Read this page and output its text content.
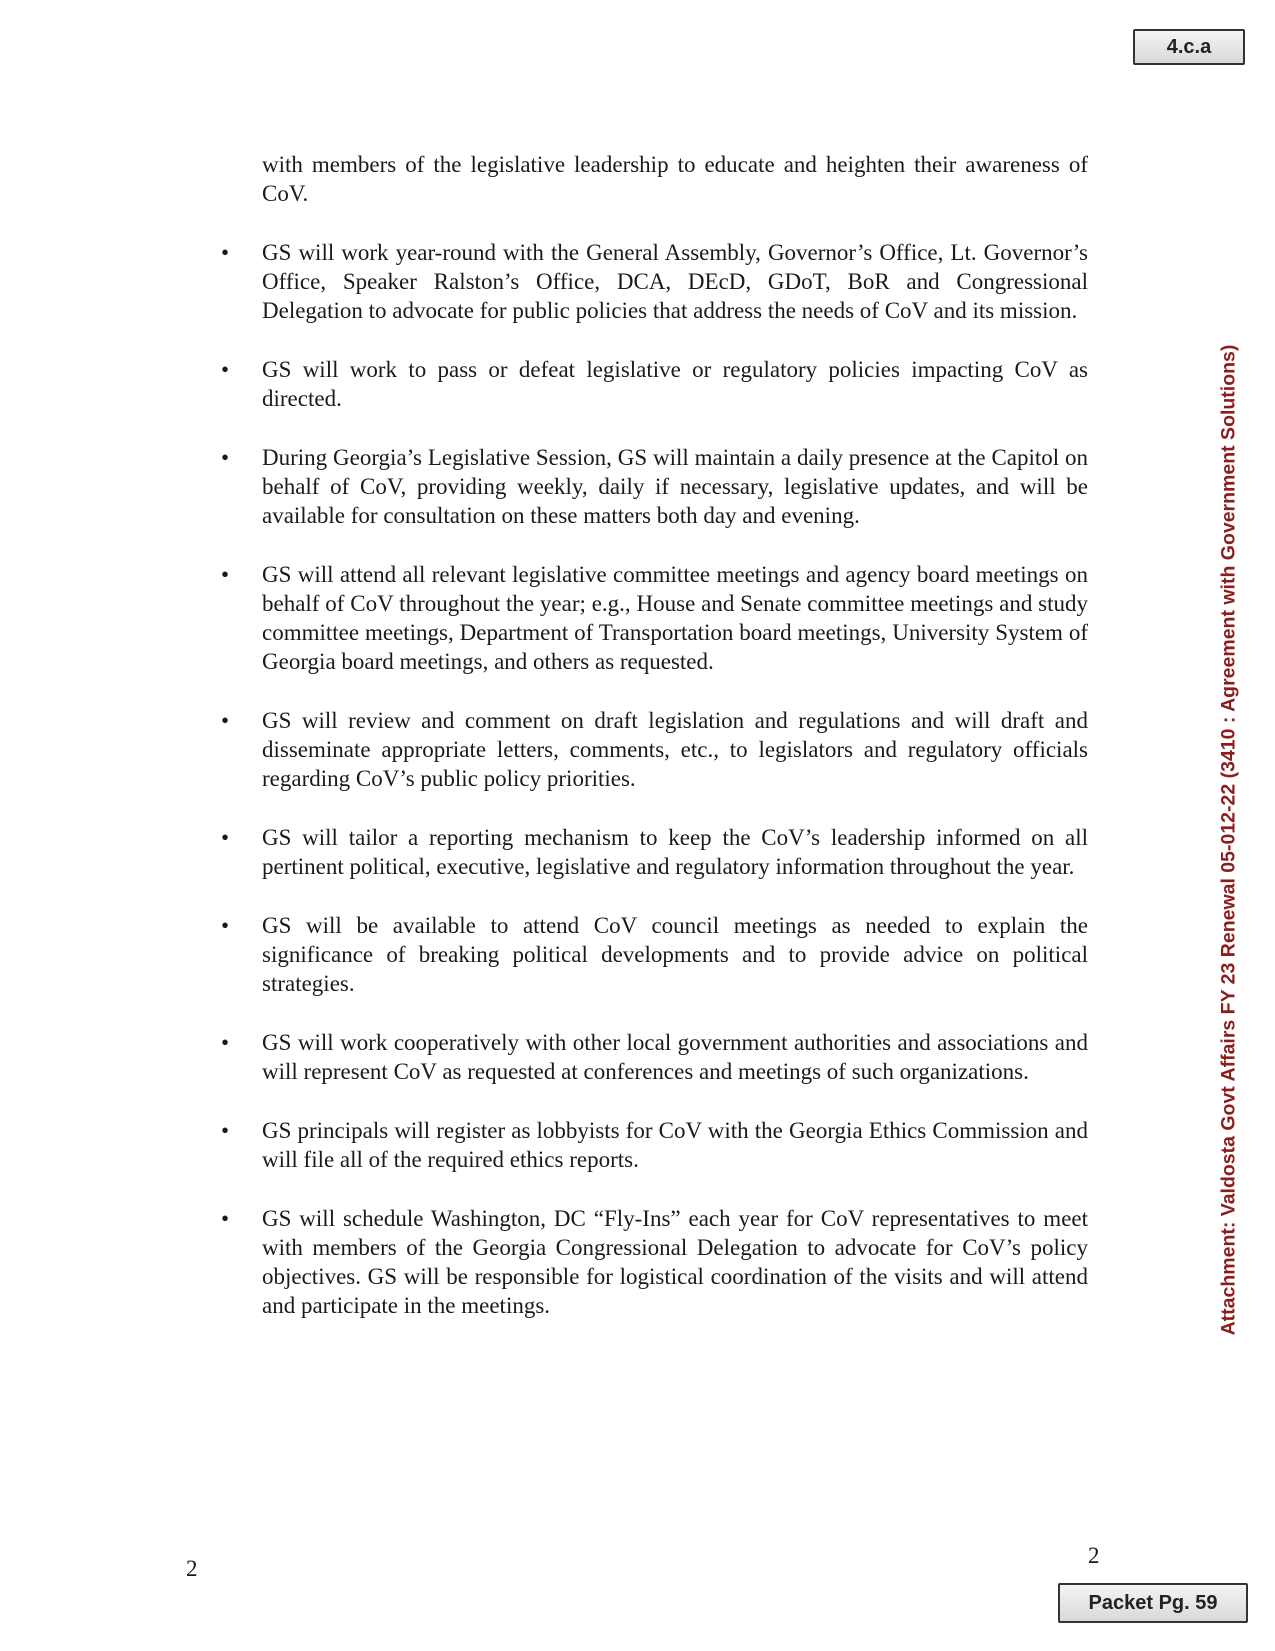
4.c.a
Attachment: Valdosta Govt Affairs FY 23 Renewal 05-012-22 (3410 : Agreement with Government Solutions)

with members of the legislative leadership to educate and heighten their awareness of CoV.

• GS will work year-round with the General Assembly, Governor’s Office, Lt. Governor’s Office, Speaker Ralston’s Office, DCA, DEcD, GDoT, BoR and Congressional Delegation to advocate for public policies that address the needs of CoV and its mission.
• GS will work to pass or defeat legislative or regulatory policies impacting CoV as directed.
• During Georgia’s Legislative Session, GS will maintain a daily presence at the Capitol on behalf of CoV, providing weekly, daily if necessary, legislative updates, and will be available for consultation on these matters both day and evening.
• GS will attend all relevant legislative committee meetings and agency board meetings on behalf of CoV throughout the year; e.g., House and Senate committee meetings and study committee meetings, Department of Transportation board meetings, University System of Georgia board meetings, and others as requested.
• GS will review and comment on draft legislation and regulations and will draft and disseminate appropriate letters, comments, etc., to legislators and regulatory officials regarding CoV’s public policy priorities.
• GS will tailor a reporting mechanism to keep the CoV’s leadership informed on all pertinent political, executive, legislative and regulatory information throughout the year.
• GS will be available to attend CoV council meetings as needed to explain the significance of breaking political developments and to provide advice on political strategies.
• GS will work cooperatively with other local government authorities and associations and will represent CoV as requested at conferences and meetings of such organizations.
• GS principals will register as lobbyists for CoV with the Georgia Ethics Commission and will file all of the required ethics reports.
• GS will schedule Washington, DC “Fly-Ins” each year for CoV representatives to meet with members of the Georgia Congressional Delegation to advocate for CoV’s policy objectives. GS will be responsible for logistical coordination of the visits and will attend and participate in the meetings.
2
2
Packet Pg. 59
